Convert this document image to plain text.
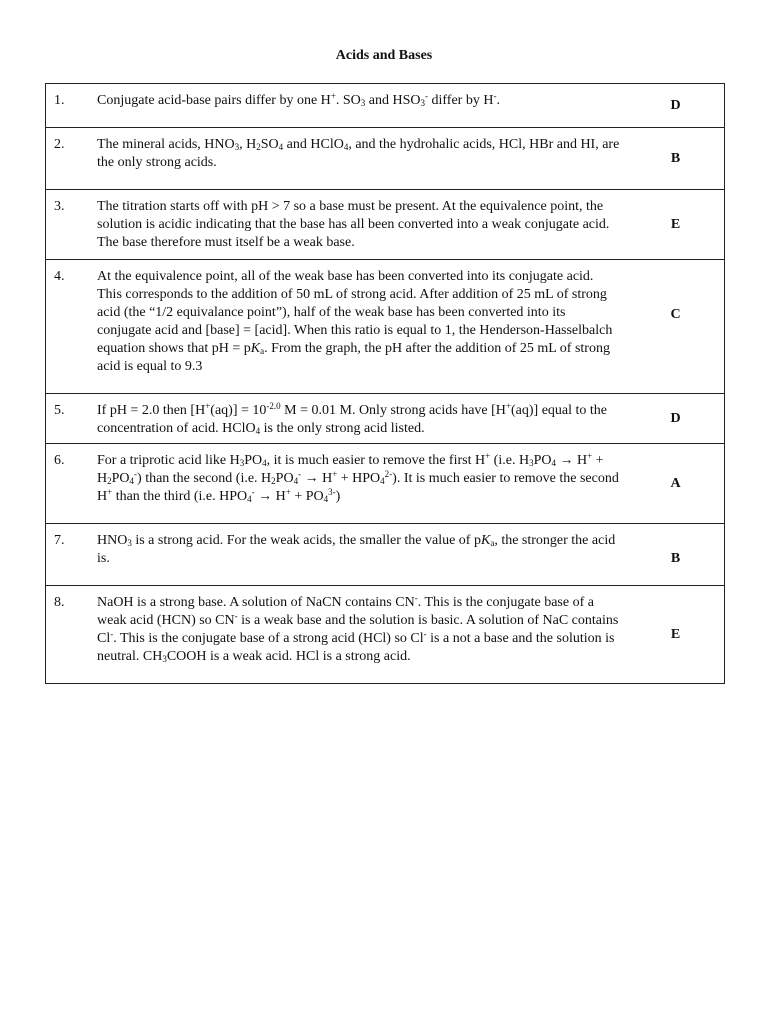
Acids and Bases
1.	Conjugate acid-base pairs differ by one H+. $SO_3$ and $HSO_3^-$ differ by H-.	D

2.	The mineral acids, $HNO_3$, $H_2SO_4$ and HClO$_4$, and the hydrohalic acids, HCl, HBr and HI, are the only strong acids.	B

3.	The titration starts off with pH > 7 so a base must be present. At the equivalence point, the solution is acidic indicating that the base has all been converted into a weak conjugate acid. The base therefore must itself be a weak base.	E

4.	At the equivalence point, all of the weak base has been converted into its conjugate acid. This corresponds to the addition of 50 mL of strong acid. After addition of 25 mL of strong acid (the “1/2 equivalance point”), half of the weak base has been converted into its conjugate acid and [base] = [acid]. When this ratio is equal to 1, the Henderson-Hasselbalch equation shows that pH = $pK_a$. From the graph, the pH after the addition of 25 mL of strong acid is equal to 9.3	C

5.	If pH = 2.0 then $[H^+(aq)] = 10^{-2.0}$ M = 0.01 M. Only strong acids have [H+(aq)] equal to the concentration of acid. HClO$_4$ is the only strong acid listed.	D

6.	For a triprotic acid like $H_3PO_4$, it is much easier to remove the first H+ (i.e. $H_3PO_4 \to H^+ + H_2PO_4^-$) than the second (i.e. $H_2PO_4^- \to H^+ + HPO_4^{2-}$). It is much easier to remove the second H+ than the third (i.e. $HPO_4^- \to H^+ + PO_4^{3-}$)	A

7.	$HNO_3$ is a strong acid. For the weak acids, the smaller the value of $pK_a$, the stronger the acid is.	B

8.	NaOH is a strong base. A solution of NaCN contains CN-. This is the conjugate base of a weak acid (HCN) so CN- is a weak base and the solution is basic. A solution of NaC contains Cl-. This is the conjugate base of a strong acid (HCl) so Cl- is a not a base and the solution is neutral. $CH_3COOH$ is a weak acid. HCl is a strong acid.	E
